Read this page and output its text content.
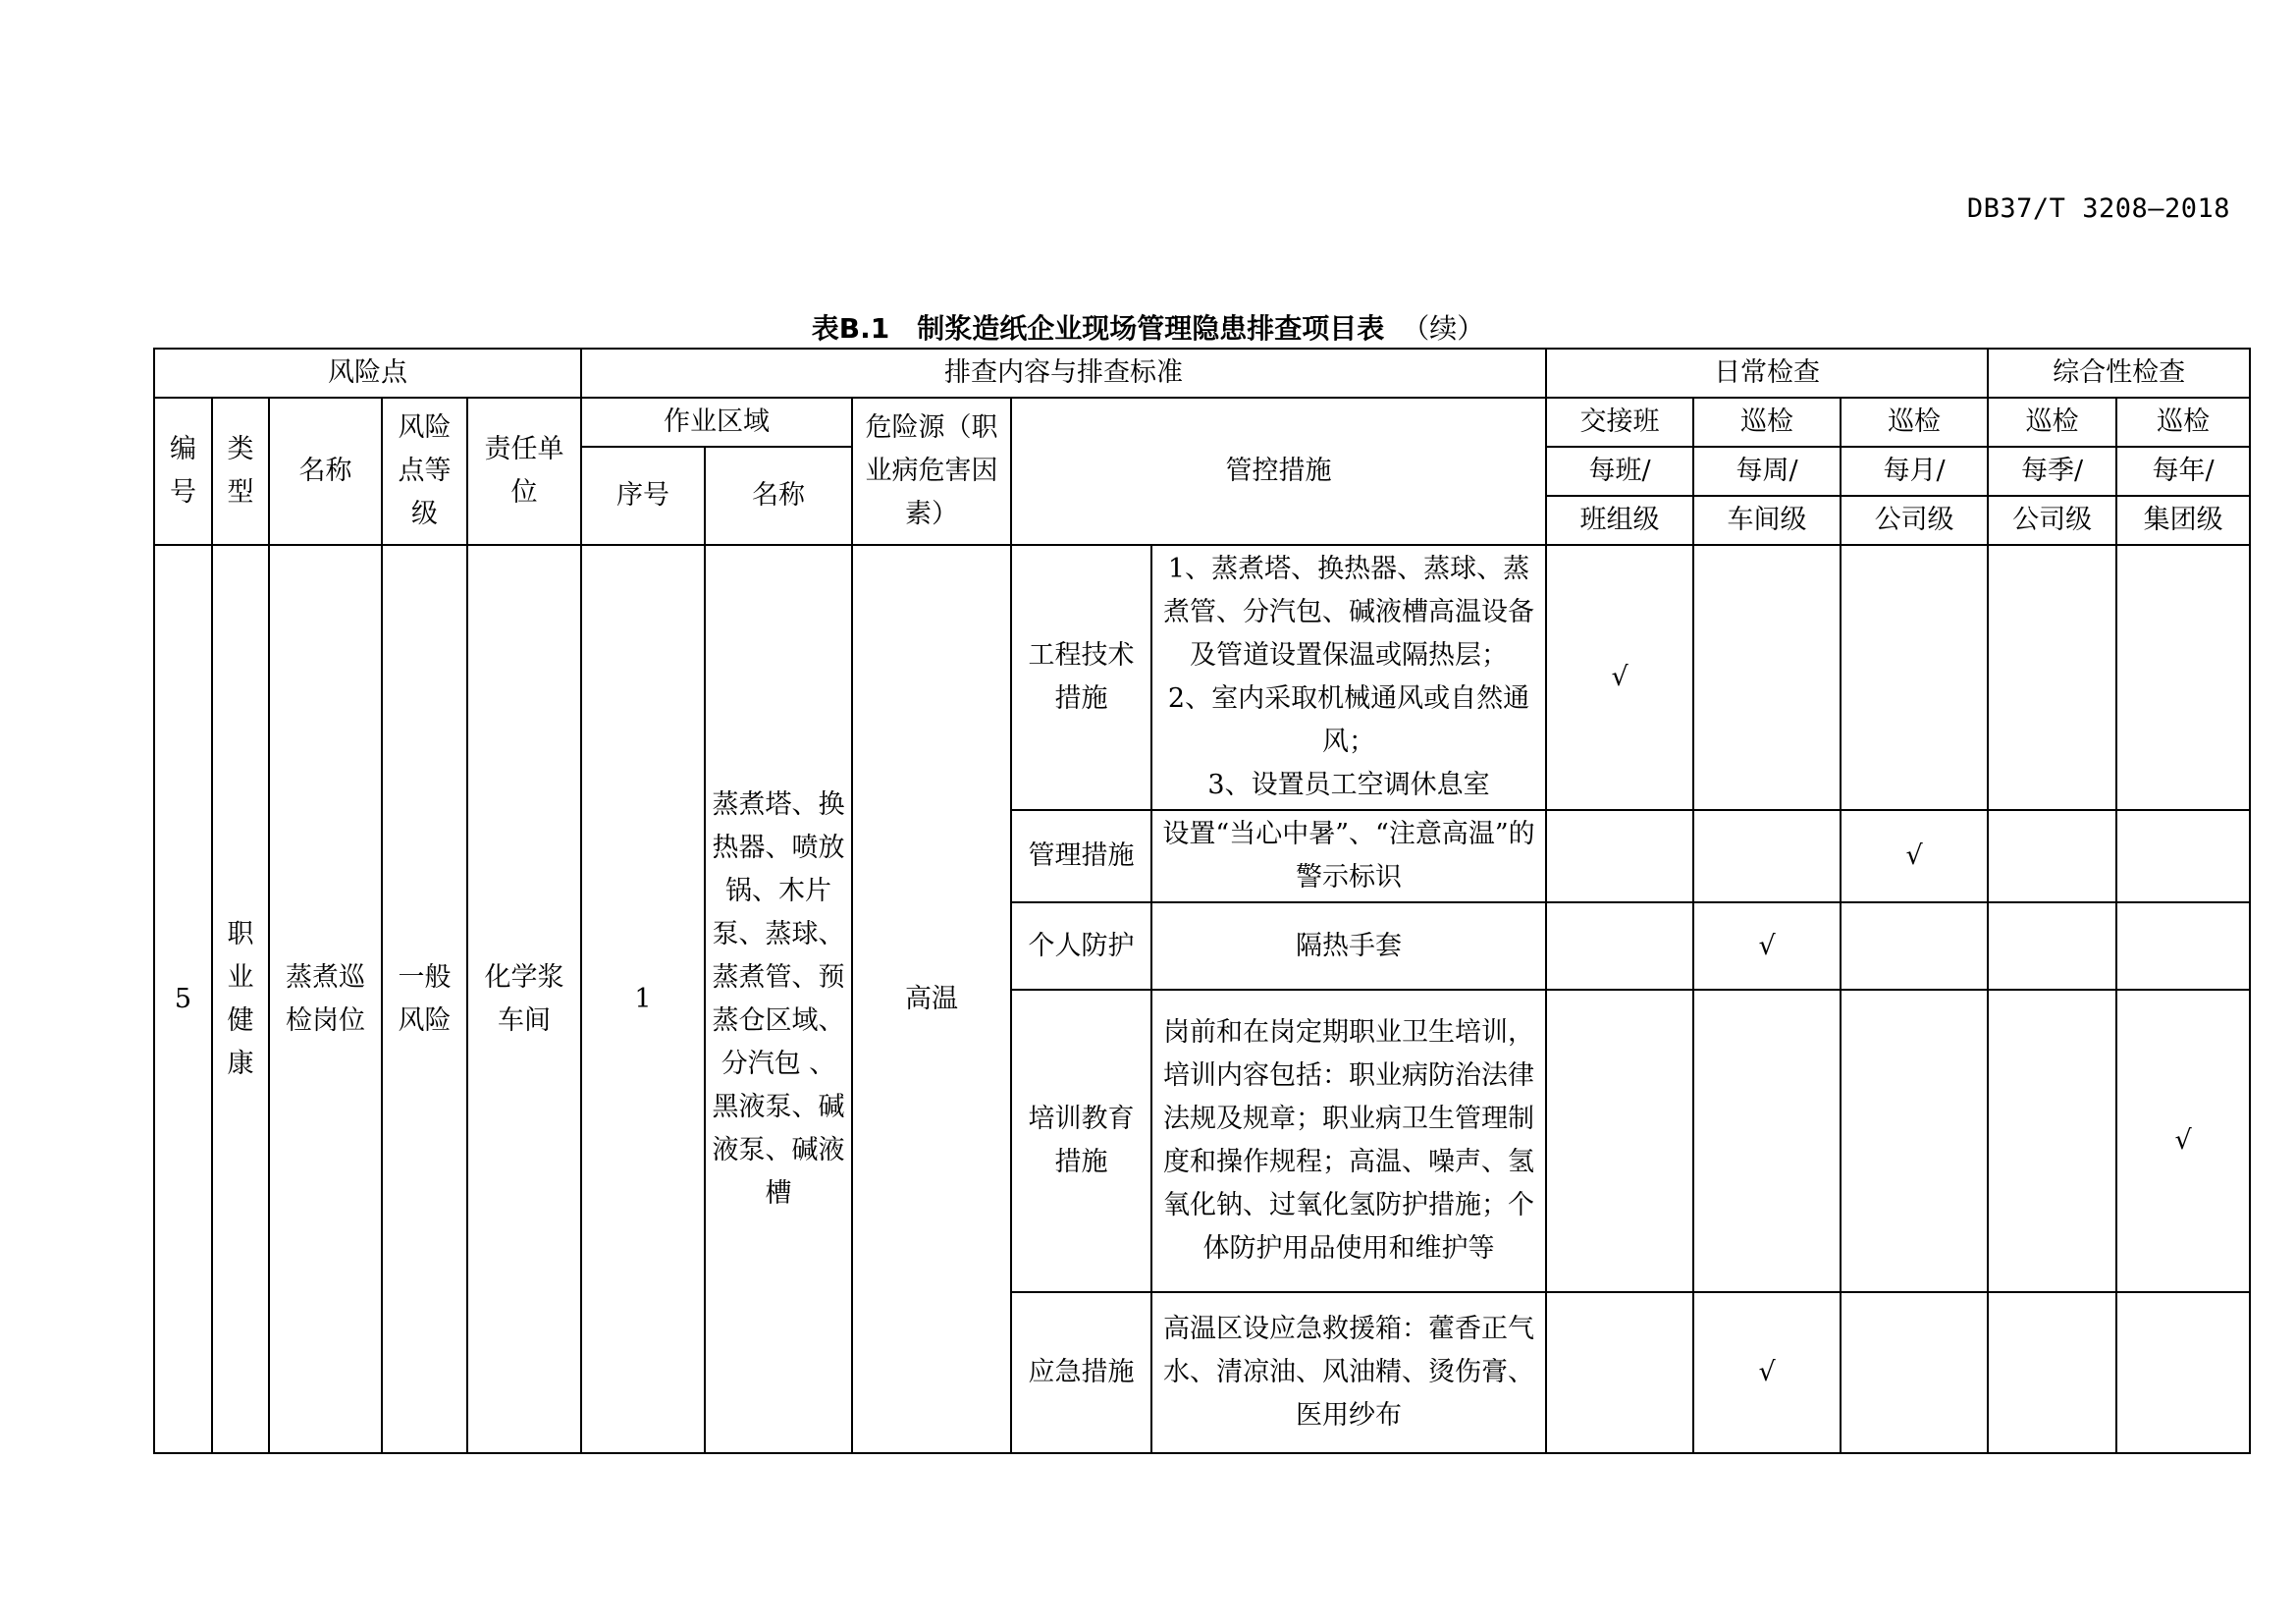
DB37/T 3208—2018
表B.1　制浆造纸企业现场管理隐患排查项目表 （续）
风险点					排查内容与排查标准					日常检查			综合性检查	
编号	类型	名称	风险点等级	责任单位	作业区域		危险源（职业病危害因素）	管控措施		交接班	巡检	巡检	巡检	巡检
					序号	名称				每班/	每周/	每月/	每季/	每年/
										班组级	车间级	公司级	公司级	集团级
5	职业健康	蒸煮巡检岗位	一般风险	化学浆车间	1	蒸煮塔、换热器、喷放锅、木片泵、蒸球、蒸煮管、预蒸仓区域、分汽包 、黑液泵、碱液泵、碱液槽	高温	工程技术措施	1、蒸煮塔、换热器、蒸球、蒸煮管、分汽包、碱液槽高温设备及管道设置保温或隔热层；
2、室内采取机械通风或自然通风；
3、设置员工空调休息室	√				
								管理措施	设置“当心中暑”、“注意高温”的警示标识			√		
								个人防护	隔热手套		√			
								培训教育措施	岗前和在岗定期职业卫生培训，培训内容包括：职业病防治法律法规及规章；职业病卫生管理制度和操作规程；高温、噪声、氢氧化钠、过氧化氢防护措施；个体防护用品使用和维护等					√
								应急措施	高温区设应急救援箱：藿香正气水、清凉油、风油精、烫伤膏、医用纱布		√			
